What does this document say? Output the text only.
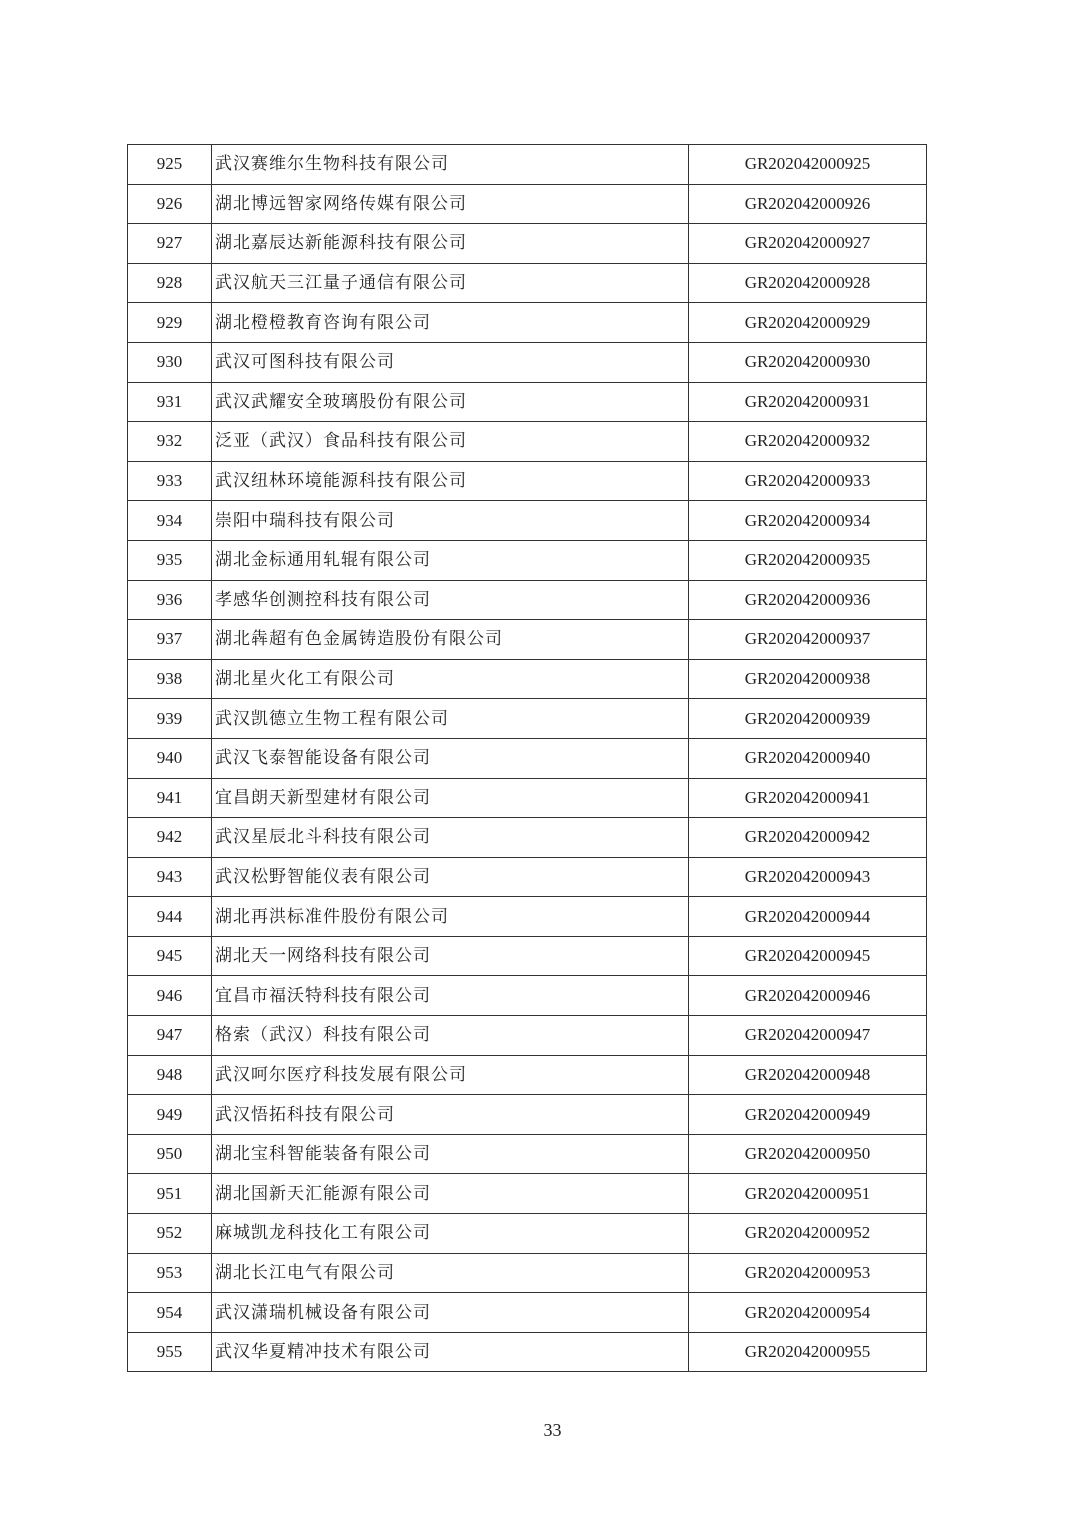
925	武汉赛维尔生物科技有限公司	GR202042000925
926	湖北博远智家网络传媒有限公司	GR202042000926
927	湖北嘉辰达新能源科技有限公司	GR202042000927
928	武汉航天三江量子通信有限公司	GR202042000928
929	湖北橙橙教育咨询有限公司	GR202042000929
930	武汉可图科技有限公司	GR202042000930
931	武汉武耀安全玻璃股份有限公司	GR202042000931
932	泛亚（武汉）食品科技有限公司	GR202042000932
933	武汉纽林环境能源科技有限公司	GR202042000933
934	崇阳中瑞科技有限公司	GR202042000934
935	湖北金标通用轧辊有限公司	GR202042000935
936	孝感华创测控科技有限公司	GR202042000936
937	湖北犇超有色金属铸造股份有限公司	GR202042000937
938	湖北星火化工有限公司	GR202042000938
939	武汉凯德立生物工程有限公司	GR202042000939
940	武汉飞泰智能设备有限公司	GR202042000940
941	宜昌朗天新型建材有限公司	GR202042000941
942	武汉星辰北斗科技有限公司	GR202042000942
943	武汉松野智能仪表有限公司	GR202042000943
944	湖北再洪标准件股份有限公司	GR202042000944
945	湖北天一网络科技有限公司	GR202042000945
946	宜昌市福沃特科技有限公司	GR202042000946
947	格索（武汉）科技有限公司	GR202042000947
948	武汉呵尔医疗科技发展有限公司	GR202042000948
949	武汉悟拓科技有限公司	GR202042000949
950	湖北宝科智能装备有限公司	GR202042000950
951	湖北国新天汇能源有限公司	GR202042000951
952	麻城凯龙科技化工有限公司	GR202042000952
953	湖北长江电气有限公司	GR202042000953
954	武汉潇瑞机械设备有限公司	GR202042000954
955	武汉华夏精冲技术有限公司	GR202042000955
33
